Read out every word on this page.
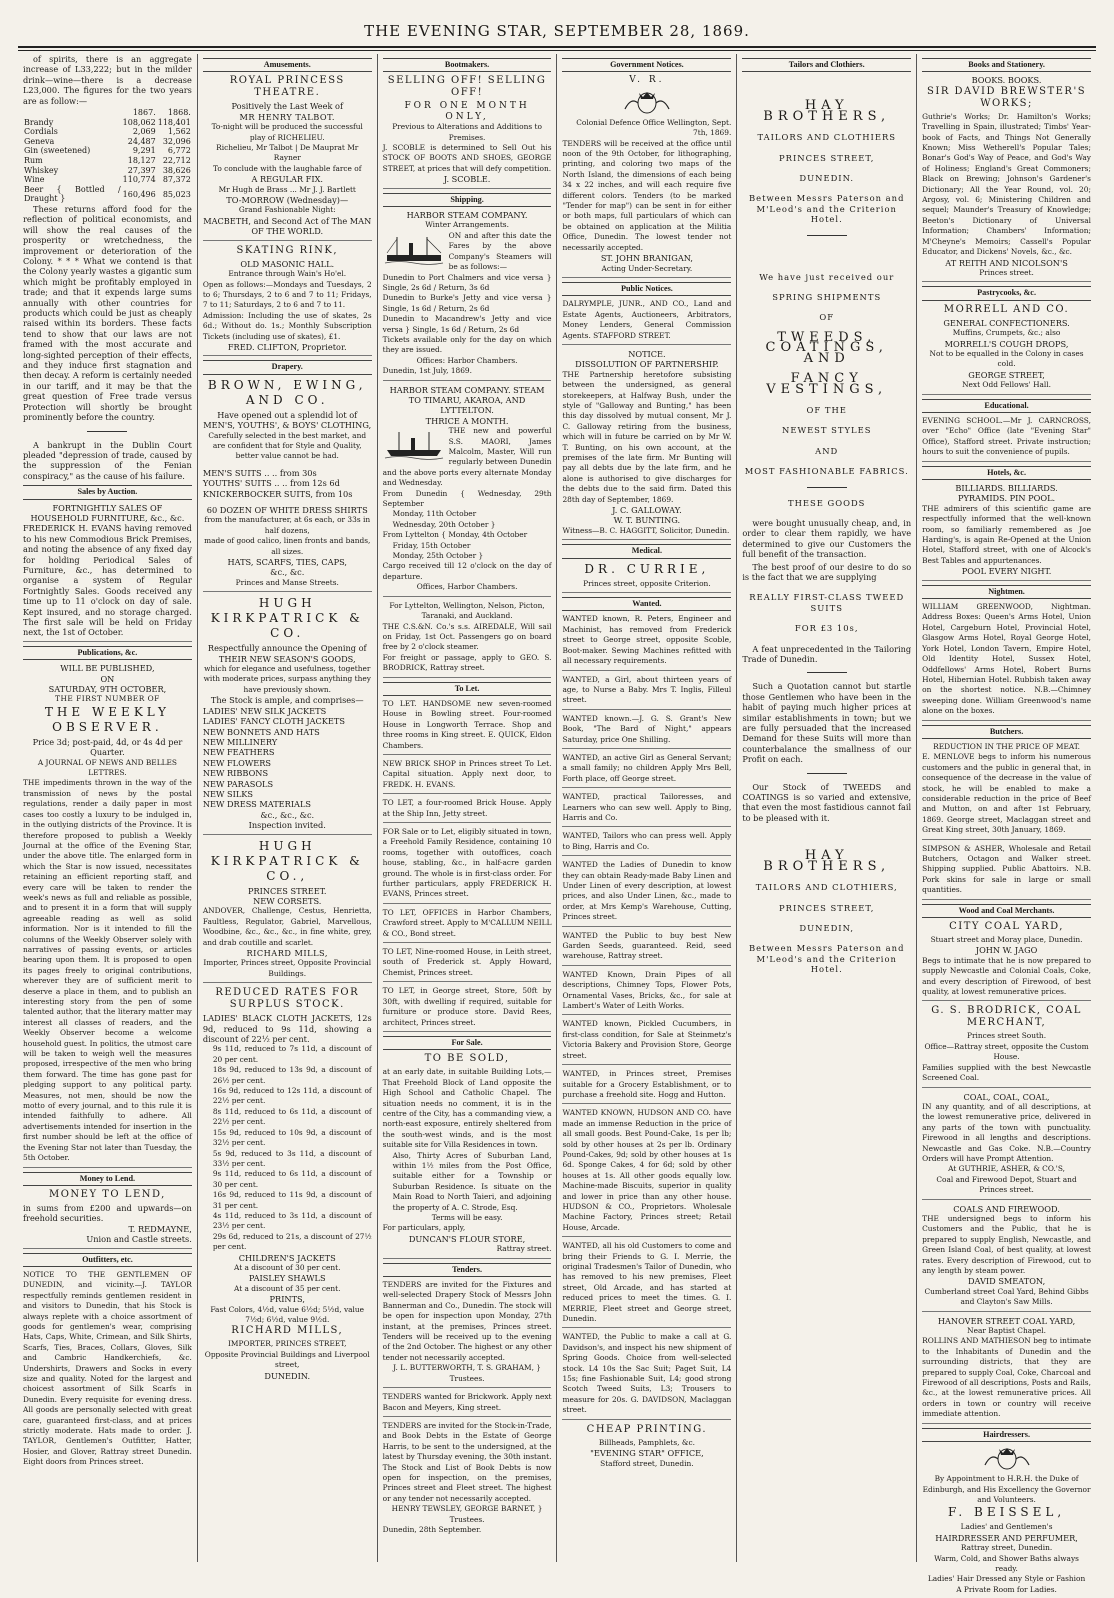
THE EVENING STAR, SEPTEMBER 28, 1869.
of spirits, there is an aggregate increase of L33,222; but in the milder drink—wine—there is a decrease L23,000. The figures for the two years are as follow:—
	1867.	1868.
Brandy	108,062	118,401
Cordials	2,069	1,562
Geneva	24,487	32,096
Gin (sweetened)	9,291	6,772
Rum	18,127	22,712
Whiskey	27,397	38,626
Wine	110,774	87,372
Beer { Bottled / Draught }	160,496	85,023
These returns afford food for the reflection of political economists, and will show the real causes of the prosperity or wretchedness, the improvement or deterioration of the Colony. * * * What we contend is that the Colony yearly wastes a gigantic sum which might be profitably employed in trade; and that it expends large sums annually with other countries for products which could be just as cheaply raised within its borders. These facts tend to show that our laws are not framed with the most accurate and long-sighted perception of their effects, and they induce first stagnation and then decay. A reform is certainly needed in our tariff, and it may be that the great question of Free trade versus Protection will shortly be brought prominently before the country.
A bankrupt in the Dublin Court pleaded "depression of trade, caused by the suppression of the Fenian conspiracy," as the cause of his failure.
Sales by Auction.
FORTNIGHTLY SALES OF HOUSEHOLD FURNITURE, &c., &c.
FREDERICK H. EVANS having removed to his new Commodious Brick Premises, and noting the absence of any fixed day for holding Periodical Sales of Furniture, &c., has determined to organise a system of Regular Fortnightly Sales. Goods received any time up to 11 o'clock on day of sale. Kept insured, and no storage charged. The first sale will be held on Friday next, the 1st of October.
Publications, &c.
WILL BE PUBLISHED,
ON
SATURDAY, 9TH OCTOBER,
THE FIRST NUMBER OF
THE WEEKLY OBSERVER.
Price 3d; post-paid, 4d, or 4s 4d per Quarter.
A JOURNAL OF NEWS AND BELLES LETTRES.
THE impediments thrown in the way of the transmission of news by the postal regulations, render a daily paper in most cases too costly a luxury to be indulged in, in the outlying districts of the Province. It is therefore proposed to publish a Weekly Journal at the office of the Evening Star, under the above title. The enlarged form in which the Star is now issued, necessitates retaining an efficient reporting staff, and every care will be taken to render the week's news as full and reliable as possible, and to present it in a form that will supply agreeable reading as well as solid information. Nor is it intended to fill the columns of the Weekly Observer solely with narratives of passing events, or articles bearing upon them. It is proposed to open its pages freely to original contributions, wherever they are of sufficient merit to deserve a place in them, and to publish an interesting story from the pen of some talented author, that the literary matter may interest all classes of readers, and the Weekly Observer become a welcome household guest. In politics, the utmost care will be taken to weigh well the measures proposed, irrespective of the men who bring them forward. The time has gone past for pledging support to any political party. Measures, not men, should be now the motto of every journal, and to this rule it is intended faithfully to adhere. All advertisements intended for insertion in the first number should be left at the office of the Evening Star not later than Tuesday, the 5th October.
Money to Lend.
MONEY TO LEND,
in sums from £200 and upwards—on freehold securities.
T. REDMAYNE,
Union and Castle streets.
Outfitters, etc.
NOTICE TO THE GENTLEMEN OF DUNEDIN, and vicinity.—J. TAYLOR respectfully reminds gentlemen resident in and visitors to Dunedin, that his Stock is always replete with a choice assortment of goods for gentlemen's wear, comprising Hats, Caps, White, Crimean, and Silk Shirts, Scarfs, Ties, Braces, Collars, Gloves, Silk and Cambric Handkerchiefs, &c. Undershirts, Drawers and Socks in every size and quality. Noted for the largest and choicest assortment of Silk Scarfs in Dunedin. Every requisite for evening dress. All goods are personally selected with great care, guaranteed first-class, and at prices strictly moderate. Hats made to order. J. TAYLOR, Gentlemen's Outfitter, Hatter, Hosier, and Glover, Rattray street Dunedin. Eight doors from Princes street.
Amusements.
ROYAL PRINCESS THEATRE.
Positively the Last Week of
MR HENRY TALBOT.
To-night will be produced the successful play of RICHELIEU.
Richelieu, Mr Talbot | De Mauprat Mr Rayner
To conclude with the laughable farce of
A REGULAR FIX.
Mr Hugh de Brass ... Mr J. J. Bartlett
TO-MORROW (Wednesday)—
Grand Fashionable Night:
MACBETH, and Second Act of The MAN OF THE WORLD.
SKATING RINK,
OLD MASONIC HALL.
Entrance through Wain's Ho'el.
Open as follows:—Mondays and Tuesdays, 2 to 6; Thursdays, 2 to 6 and 7 to 11; Fridays, 7 to 11; Saturdays, 2 to 6 and 7 to 11.
Admission: Including the use of skates, 2s 6d.; Without do. 1s.; Monthly Subscription Tickets (including use of skates), £1.
FRED. CLIFTON, Proprietor.
Drapery.
BROWN, EWING, AND CO.
Have opened out a splendid lot of
MEN'S, YOUTHS', & BOYS' CLOTHING,
Carefully selected in the best market, and are confident that for Style and Quality, better value cannot be had.
MEN'S SUITS .. .. from 30s
YOUTHS' SUITS .. .. from 12s 6d
KNICKERBOCKER SUITS, from 10s
60 DOZEN OF WHITE DRESS SHIRTS
from the manufacturer, at 6s each, or 33s in half dozens,
made of good calico, linen fronts and bands, all sizes.
HATS, SCARFS, TIES, CAPS,
&c., &c.
Princes and Manse Streets.
HUGH KIRKPATRICK & CO.
Respectfully announce the Opening of
THEIR NEW SEASON'S GOODS,
which for elegance and usefulness, together with moderate prices, surpass anything they have previously shown.
The Stock is ample, and comprises—
LADIES' NEW SILK JACKETS
LADIES' FANCY CLOTH JACKETS
NEW BONNETS AND HATS
NEW MILLINERY
NEW FEATHERS
NEW FLOWERS
NEW RIBBONS
NEW PARASOLS
NEW SILKS
NEW DRESS MATERIALS
&c., &c., &c.
Inspection invited.
HUGH KIRKPATRICK & CO.,
PRINCES STREET.
NEW CORSETS.
ANDOVER, Challenge, Cestus, Henrietta, Faultless, Regulator, Gabriel, Marvellous, Woodbine, &c., &c., &c., in fine white, grey, and drab coutille and scarlet.
RICHARD MILLS,
Importer, Princes street, Opposite Provincial Buildings.
REDUCED RATES FOR SURPLUS STOCK.
LADIES' BLACK CLOTH JACKETS, 12s 9d, reduced to 9s 11d, showing a discount of 22½ per cent.
9s 11d, reduced to 7s 11d, a discount of 20 per cent.
18s 9d, reduced to 13s 9d, a discount of 26½ per cent.
16s 9d, reduced to 12s 11d, a discount of 22½ per cent.
8s 11d, reduced to 6s 11d, a discount of 22½ per cent.
15s 9d, reduced to 10s 9d, a discount of 32½ per cent.
5s 9d, reduced to 3s 11d, a discount of 33½ per cent.
9s 11d, reduced to 6s 11d, a discount of 30 per cent.
16s 9d, reduced to 11s 9d, a discount of 31 per cent.
4s 11d, reduced to 3s 11d, a discount of 23½ per cent.
29s 6d, reduced to 21s, a discount of 27½ per cent.
CHILDREN'S JACKETS
At a discount of 30 per cent.
PAISLEY SHAWLS
At a discount of 35 per cent.
PRINTS,
Fast Colors, 4½d, value 6½d; 5½d, value 7½d; 6½d, value 9½d.
RICHARD MILLS,
IMPORTER, PRINCES STREET,
Opposite Provincial Buildings and Liverpool street,
DUNEDIN.
Bootmakers.
SELLING OFF! SELLING OFF!
FOR ONE MONTH ONLY,
Previous to Alterations and Additions to Premises.
J. SCOBLE is determined to Sell Out his STOCK OF BOOTS AND SHOES, GEORGE STREET, at prices that will defy competition.
J. SCOBLE.
Shipping.
HARBOR STEAM COMPANY.
Winter Arrangements.
ON and after this date the Fares by the above Company's Steamers will be as follows:—
Dunedin to Port Chalmers and vice versa } Single, 2s 6d / Return, 3s 6d
Dunedin to Burke's Jetty and vice versa } Single, 1s 6d / Return, 2s 6d
Dunedin to Macandrew's Jetty and vice versa } Single, 1s 6d / Return, 2s 6d
Tickets available only for the day on which they are issued.
Offices: Harbor Chambers.
Dunedin, 1st July, 1869.
HARBOR STEAM COMPANY. STEAM TO TIMARU, AKAROA, AND LYTTELTON.
THRICE A MONTH.
THE new and powerful S.S. MAORI, James Malcolm, Master, Will run regularly between Dunedin and the above ports every alternate Monday and Wednesday.
From Dunedin { Wednesday, 29th September
Monday, 11th October
Wednesday, 20th October }
From Lyttelton { Monday, 4th October
Friday, 15th October
Monday, 25th October }
Cargo received till 12 o'clock on the day of departure.
Offices, Harbor Chambers.
For Lyttelton, Wellington, Nelson, Picton, Taranaki, and Auckland.
THE C.S.&N. Co.'s s.s. AIREDALE, Will sail on Friday, 1st Oct. Passengers go on board free by 2 o'clock steamer.
For freight or passage, apply to GEO. S. BRODRICK, Rattray street.
To Let.
TO LET. HANDSOME new seven-roomed House in Bowling street. Four-roomed House in Longworth Terrace. Shop and three rooms in King street. E. QUICK, Eldon Chambers.
NEW BRICK SHOP in Princes street To Let. Capital situation. Apply next door, to FREDK. H. EVANS.
TO LET, a four-roomed Brick House. Apply at the Ship Inn, Jetty street.
FOR Sale or to Let, eligibly situated in town, a Freehold Family Residence, containing 10 rooms, together with outoffices, coach house, stabling, &c., in half-acre garden ground. The whole is in first-class order. For further particulars, apply FREDERICK H. EVANS, Princes street.
TO LET, OFFICES in Harbor Chambers, Crawford street. Apply to M'CALLUM NEILL & CO., Bond street.
TO LET, Nine-roomed House, in Leith street, south of Frederick st. Apply Howard, Chemist, Princes street.
TO LET, in George street, Store, 50ft by 30ft, with dwelling if required, suitable for furniture or produce store. David Rees, architect, Princes street.
For Sale.
TO BE SOLD,
at an early date, in suitable Building Lots,— That Freehold Block of Land opposite the High School and Catholic Chapel. The situation needs no comment, it is in the centre of the City, has a commanding view, a north-east exposure, entirely sheltered from the south-west winds, and is the most suitable site for Villa Residences in town.
Also, Thirty Acres of Suburban Land, within 1½ miles from the Post Office, suitable either for a Township or Suburban Residence. Is situate on the Main Road to North Taieri, and adjoining the property of A. C. Strode, Esq.
Terms will be easy.
For particulars, apply,
DUNCAN'S FLOUR STORE,
Rattray street.
Tenders.
TENDERS are invited for the Fixtures and well-selected Drapery Stock of Messrs John Bannerman and Co., Dunedin. The stock will be open for inspection upon Monday, 27th instant, at the premises, Princes street. Tenders will be received up to the evening of the 2nd October. The highest or any other tender not necessarily accepted.
J. L. BUTTERWORTH, T. S. GRAHAM, } Trustees.
TENDERS wanted for Brickwork. Apply next Bacon and Meyers, King street.
TENDERS are invited for the Stock-in-Trade, and Book Debts in the Estate of George Harris, to be sent to the undersigned, at the latest by Thursday evening, the 30th instant. The Stock and List of Book Debts is now open for inspection, on the premises, Princes street and Fleet street. The highest or any tender not necessarily accepted.
HENRY TEWSLEY, GEORGE BARNET, } Trustees.
Dunedin, 28th September.
Government Notices.
V. R.
Colonial Defence Office Wellington, Sept. 7th, 1869.
TENDERS will be received at the office until noon of the 9th October, for lithographing, printing, and coloring two maps of the North Island, the dimensions of each being 34 x 22 inches, and will each require five different colors. Tenders (to be marked "Tender for map") can be sent in for either or both maps, full particulars of which can be obtained on application at the Militia Office, Dunedin. The lowest tender not necessarily accepted.
ST. JOHN BRANIGAN,
Acting Under-Secretary.
Public Notices.
DALRYMPLE, JUNR., AND CO., Land and Estate Agents, Auctioneers, Arbitrators, Money Lenders, General Commission Agents. STAFFORD STREET.
NOTICE.
DISSOLUTION OF PARTNERSHIP.
THE Partnership heretofore subsisting between the undersigned, as general storekeepers, at Halfway Bush, under the style of "Galloway and Bunting," has been this day dissolved by mutual consent, Mr J. C. Galloway retiring from the business, which will in future be carried on by Mr W. T. Bunting, on his own account, at the premises of the late firm. Mr Bunting will pay all debts due by the late firm, and he alone is authorised to give discharges for the debts due to the said firm. Dated this 28th day of September, 1869.
J. C. GALLOWAY.
W. T. BUNTING.
Witness—B. C. HAGGITT, Solicitor, Dunedin.
Medical.
DR. CURRIE,
Princes street, opposite Criterion.
Wanted.
WANTED known, R. Peters, Engineer and Machinist, has removed from Frederick street to George street, opposite Scoble, Boot-maker. Sewing Machines refitted with all necessary requirements.
WANTED, a Girl, about thirteen years of age, to Nurse a Baby. Mrs T. Inglis, Filleul street.
WANTED known.—J. G. S. Grant's New Book, "The Bard of Night," appears Saturday, price One Shilling.
WANTED, an active Girl as General Servant; a small family; no children Apply Mrs Bell, Forth place, off George street.
WANTED, practical Tailoresses, and Learners who can sew well. Apply to Bing, Harris and Co.
WANTED, Tailors who can press well. Apply to Bing, Harris and Co.
WANTED the Ladies of Dunedin to know they can obtain Ready-made Baby Linen and Under Linen of every description, at lowest prices, and also Under Linen, &c., made to order, at Mrs Kemp's Warehouse, Cutting, Princes street.
WANTED the Public to buy best New Garden Seeds, guaranteed. Reid, seed warehouse, Rattray street.
WANTED Known, Drain Pipes of all descriptions, Chimney Tops, Flower Pots, Ornamental Vases, Bricks, &c., for sale at Lambert's Water of Leith Works.
WANTED known, Pickled Cucumbers, in first-class condition, for Sale at Steinmetz's Victoria Bakery and Provision Store, George street.
WANTED, in Princes street, Premises suitable for a Grocery Establishment, or to purchase a freehold site. Hogg and Hutton.
WANTED KNOWN, HUDSON AND CO. have made an immense Reduction in the price of all small goods. Best Pound-Cake, 1s per lb; sold by other houses at 2s per lb. Ordinary Pound-Cakes, 9d; sold by other houses at 1s 6d. Sponge Cakes, 4 for 6d; sold by other houses at 1s. All other goods equally low. Machine-made Biscuits, superior in quality and lower in price than any other house. HUDSON & CO., Proprietors. Wholesale Machine Factory, Princes street; Retail House, Arcade.
WANTED, all his old Customers to come and bring their Friends to G. I. Merrie, the original Tradesmen's Tailor of Dunedin, who has removed to his new premises, Fleet street, Old Arcade, and has started at reduced prices to meet the times. G. I. MERRIE, Fleet street and George street, Dunedin.
WANTED, the Public to make a call at G. Davidson's, and inspect his new shipment of Spring Goods. Choice from well-selected stock. L4 10s the Sac Suit; Paget Suit, L4 15s; fine Fashionable Suit, L4; good strong Scotch Tweed Suits, L3; Trousers to measure for 20s. G. DAVIDSON, Maclaggan street.
CHEAP PRINTING.
Billheads, Pamphlets, &c.
"EVENING STAR" OFFICE,
Stafford street, Dunedin.
Tailors and Clothiers.
HAY BROTHERS,
TAILORS AND CLOTHIERS
PRINCES STREET,
DUNEDIN.
Between Messrs Paterson and M'Leod's and the Criterion Hotel.
We have just received our
SPRING SHIPMENTS
OF
TWEEDS, COATINGS, AND
FANCY VESTINGS,
OF THE
NEWEST STYLES
AND
MOST FASHIONABLE FABRICS.
THESE GOODS
were bought unusually cheap, and, in order to clear them rapidly, we have determined to give our Customers the full benefit of the transaction.
The best proof of our desire to do so is the fact that we are supplying
REALLY FIRST-CLASS TWEED SUITS
FOR £3 10s,
A feat unprecedented in the Tailoring Trade of Dunedin.
Such a Quotation cannot but startle those Gentlemen who have been in the habit of paying much higher prices at similar establishments in town; but we are fully persuaded that the increased Demand for these Suits will more than counterbalance the smallness of our Profit on each.
Our Stock of TWEEDS and COATINGS is so varied and extensive, that even the most fastidious cannot fail to be pleased with it.
HAY BROTHERS,
TAILORS AND CLOTHIERS,
PRINCES STREET,
DUNEDIN,
Between Messrs Paterson and M'Leod's and the Criterion Hotel.
Books and Stationery.
BOOKS. BOOKS.
SIR DAVID BREWSTER'S WORKS;
Guthrie's Works; Dr. Hamilton's Works; Travelling in Spain, illustrated; Timbs' Year-book of Facts, and Things Not Generally Known; Miss Wetherell's Popular Tales; Bonar's God's Way of Peace, and God's Way of Holiness; England's Great Commoners; Black on Brewing; Johnson's Gardener's Dictionary; All the Year Round, vol. 20; Argosy, vol. 6; Ministering Children and sequel; Maunder's Treasury of Knowledge; Beeton's Dictionary of Universal Information; Chambers' Information; M'Cheyne's Memoirs; Cassell's Popular Educator, and Dickens' Novels, &c., &c.
AT REITH AND NICOLSON'S
Princes street.
Pastrycooks, &c.
MORRELL AND CO.
GENERAL CONFECTIONERS.
Muffins, Crumpets, &c.; also
MORRELL'S COUGH DROPS,
Not to be equalled in the Colony in cases cold.
GEORGE STREET,
Next Odd Fellows' Hall.
Educational.
EVENING SCHOOL.—Mr J. CARNCROSS, over "Echo" Office (late "Evening Star" Office), Stafford street. Private instruction; hours to suit the convenience of pupils.
Hotels, &c.
BILLIARDS. BILLIARDS.
PYRAMIDS. PIN POOL.
THE admirers of this scientific game are respectfully informed that the well-known room, so familiarly remembered as Joe Harding's, is again Re-Opened at the Union Hotel, Stafford street, with one of Alcock's Best Tables and appurtenances.
POOL EVERY NIGHT.
Nightmen.
WILLIAM GREENWOOD, Nightman. Address Boxes: Queen's Arms Hotel, Union Hotel, Cargeburn Hotel, Provincial Hotel, Glasgow Arms Hotel, Royal George Hotel, York Hotel, London Tavern, Empire Hotel, Old Identity Hotel, Sussex Hotel, Oddfellows' Arms Hotel, Robert Burns Hotel, Hibernian Hotel. Rubbish taken away on the shortest notice. N.B.—Chimney sweeping done. William Greenwood's name alone on the boxes.
Butchers.
REDUCTION IN THE PRICE OF MEAT.
E. MENLOVE begs to inform his numerous customers and the public in general that, in consequence of the decrease in the value of stock, he will be enabled to make a considerable reduction in the price of Beef and Mutton, on and after 1st February, 1869. George street, Maclaggan street and Great King street, 30th January, 1869.
SIMPSON & ASHER, Wholesale and Retail Butchers, Octagon and Walker street. Shipping supplied. Public Abattoirs. N.B. Pork skins for sale in large or small quantities.
Wood and Coal Merchants.
CITY COAL YARD,
Stuart street and Moray place, Dunedin.
JOHN W. JAGO
Begs to intimate that he is now prepared to supply Newcastle and Colonial Coals, Coke, and every description of Firewood, of best quality, at lowest remunerative prices.
G. S. BRODRICK, COAL MERCHANT,
Princes street South.
Office—Rattray street, opposite the Custom House.
Families supplied with the best Newcastle Screened Coal.
COAL, COAL, COAL,
IN any quantity, and of all descriptions, at the lowest remunerative price, delivered in any parts of the town with punctuality. Firewood in all lengths and descriptions. Newcastle and Gas Coke. N.B.—Country Orders will have Prompt Attention.
At GUTHRIE, ASHER, & CO.'S,
Coal and Firewood Depot, Stuart and Princes street.
COALS AND FIREWOOD.
THE undersigned begs to inform his Customers and the Public, that he is prepared to supply English, Newcastle, and Green Island Coal, of best quality, at lowest rates. Every description of Firewood, cut to any length by steam power.
DAVID SMEATON,
Cumberland street Coal Yard, Behind Gibbs and Clayton's Saw Mills.
HANOVER STREET COAL YARD,
Near Baptist Chapel.
ROLLINS AND MATHIESON beg to intimate to the Inhabitants of Dunedin and the surrounding districts, that they are prepared to supply Coal, Coke, Charcoal and Firewood of all descriptions, Posts and Rails, &c., at the lowest remunerative prices. All orders in town or country will receive immediate attention.
Hairdressers.
By Appointment to H.R.H. the Duke of Edinburgh, and His Excellency the Governor and Volunteers.
F. BEISSEL,
Ladies' and Gentlemen's
HAIRDRESSER AND PERFUMER,
Rattray street, Dunedin.
Warm, Cold, and Shower Baths always ready.
Ladies' Hair Dressed any Style or Fashion
A Private Room for Ladies.
